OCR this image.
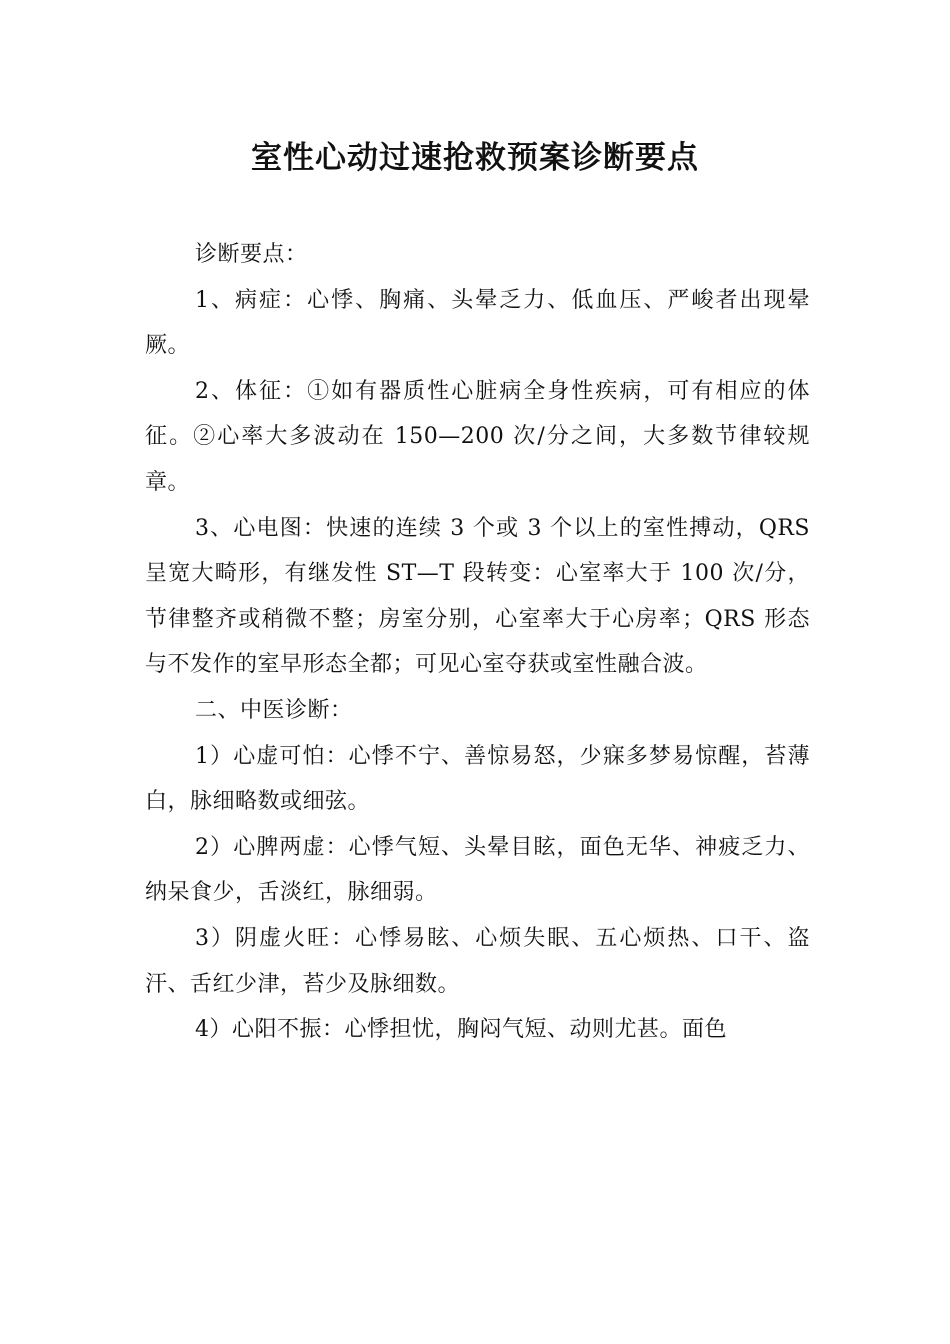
室性心动过速抢救预案诊断要点

诊断要点：

1、病症：心悸、胸痛、头晕乏力、低血压、严峻者出现晕厥。

2、体征：①如有器质性心脏病全身性疾病，可有相应的体征。②心率大多波动在 150—200 次/分之间，大多数节律较规章。

3、心电图：快速的连续 3 个或 3 个以上的室性搏动，QRS 呈宽大畸形，有继发性 ST—T 段转变：心室率大于 100 次/分，节律整齐或稍微不整；房室分别，心室率大于心房率；QRS 形态与不发作的室早形态全都；可见心室夺获或室性融合波。

二、中医诊断：

1）心虚可怕：心悸不宁、善惊易怒，少寐多梦易惊醒，苔薄白，脉细略数或细弦。

2）心脾两虚：心悸气短、头晕目眩，面色无华、神疲乏力、纳呆食少，舌淡红，脉细弱。

3）阴虚火旺：心悸易眩、心烦失眠、五心烦热、口干、盗汗、舌红少津，苔少及脉细数。

4）心阳不振：心悸担忧，胸闷气短、动则尤甚。面色
